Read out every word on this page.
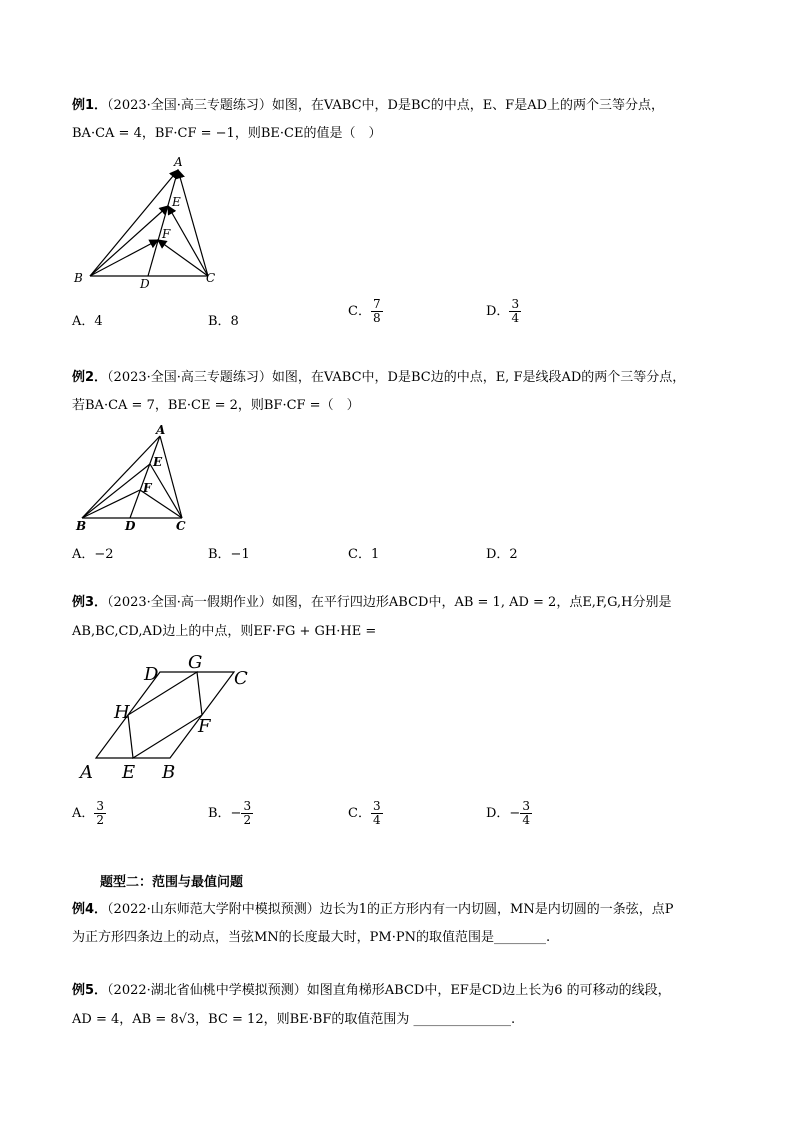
例1．（2023·全国·高三专题练习）如图，在VABC中，D是BC的中点，E、F是AD上的两个三等分点，
BA·CA = 4，BF·CF = −1，则BE·CE的值是（　）
A
B	C
D
E
F
A．4	B．8
C． $\frac{7}{8}$	D． $\frac{3}{4}$
例2．（2023·全国·高三专题练习）如图，在VABC中，D是BC边的中点，E, F是线段AD的两个三等分点，
若BA·CA = 7，BE·CE = 2，则BF·CF =（　）
A
B	C
D
E
F
A．−2	B．−1	C．1	D．2
例3．（2023·全国·高一假期作业）如图，在平行四边形ABCD中，AB = 1, AD = 2，点E,F,G,H分别是
AB,BC,CD,AD边上的中点，则EF·FG + GH·HE =
A E B
F
C
G
D
H
A． $\frac{3}{2}$	B．− $\frac{3}{2}$	C． $\frac{3}{4}$	D．− $\frac{3}{4}$
题型二：范围与最值问题
例4．（2022·山东师范大学附中模拟预测）边长为1的正方形内有一内切圆，MN是内切圆的一条弦，点P
为正方形四条边上的动点，当弦MN的长度最大时，PM·PN的取值范围是________.
例5．（2022·湖北省仙桃中学模拟预测）如图直角梯形ABCD中，EF是CD边上长为6 的可移动的线段，
AD = 4，AB = 8√3，BC = 12，则BE·BF的取值范围为 _______________.
